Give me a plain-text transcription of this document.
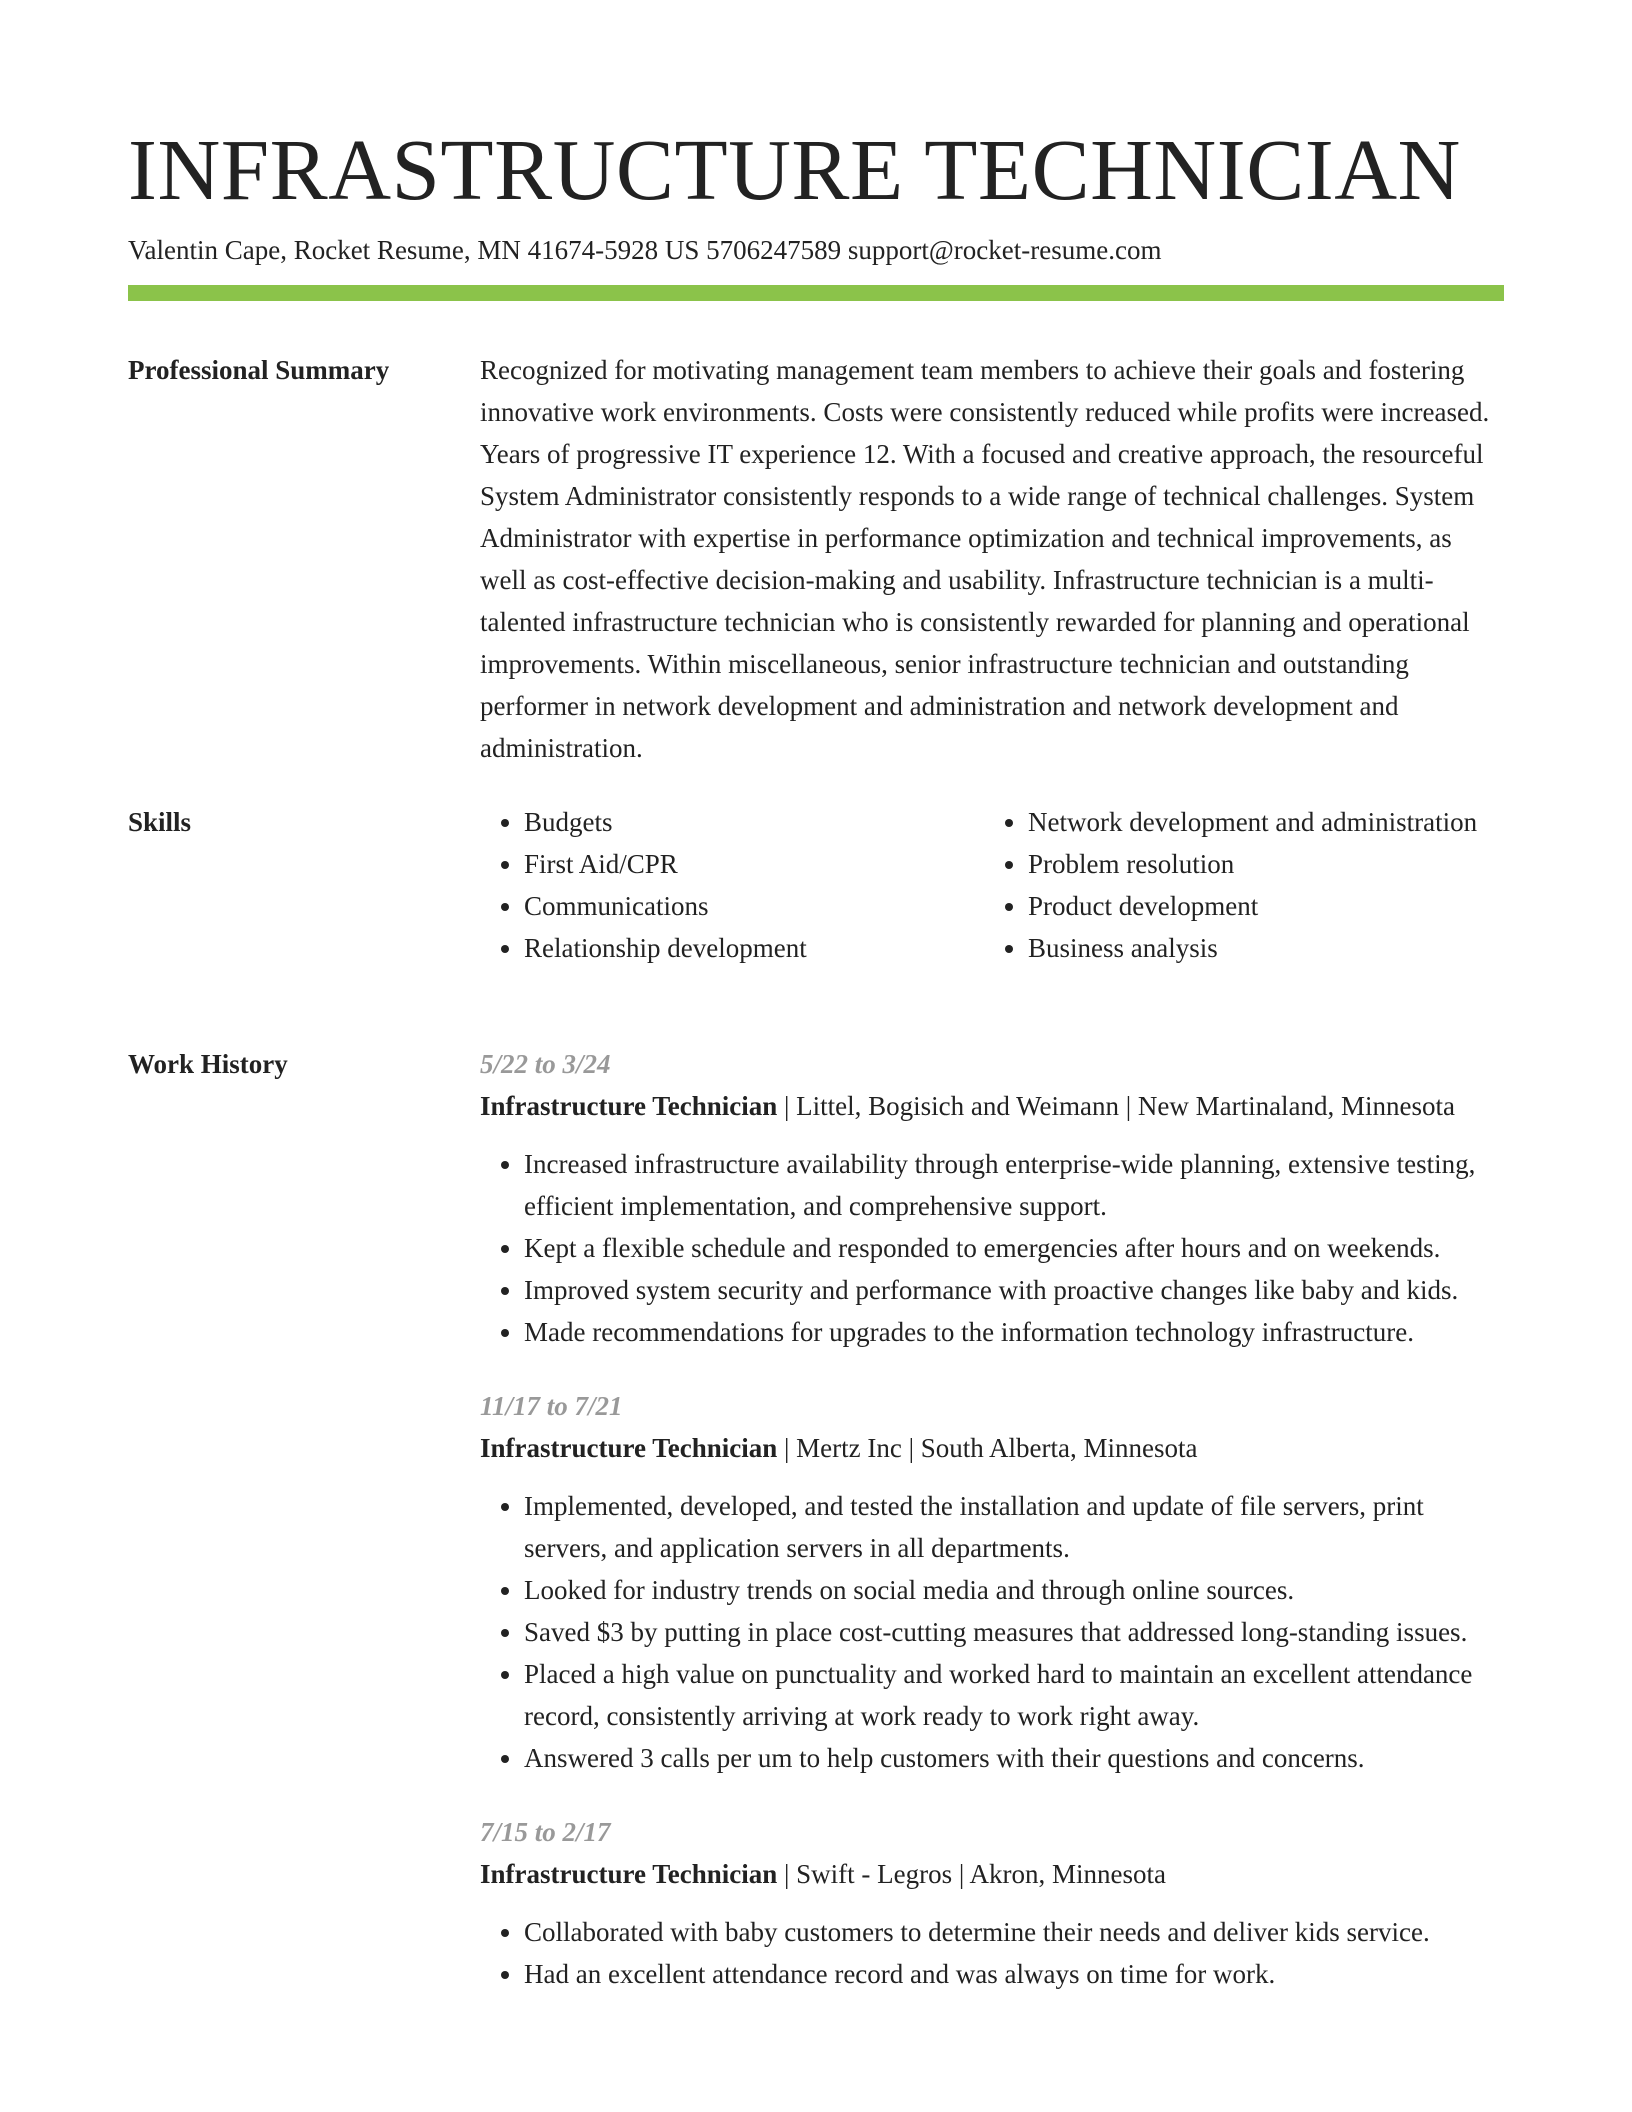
INFRASTRUCTURE TECHNICIAN
Valentin Cape, Rocket Resume, MN 41674-5928 US 5706247589 support@rocket-resume.com
Professional Summary	Recognized for motivating management team members to achieve their goals and fostering innovative work environments. Costs were consistently reduced while profits were increased. Years of progressive IT experience 12. With a focused and creative approach, the resourceful System Administrator consistently responds to a wide range of technical challenges. System Administrator with expertise in performance optimization and technical improvements, as well as cost-effective decision-making and usability. Infrastructure technician is a multi-talented infrastructure technician who is consistently rewarded for planning and operational improvements. Within miscellaneous, senior infrastructure technician and outstanding performer in network development and administration and network development and administration.

Skills
•	Budgets
• First Aid/CPR
• Communications
• Relationship development
• Network development and administration
• Problem resolution
• Product development
• Business analysis
Work History	5/22 to 3/24
Infrastructure Technician | Littel, Bogisich and Weimann | New Martinaland, Minnesota
• Increased infrastructure availability through enterprise-wide planning, extensive testing, efficient implementation, and comprehensive support.
• Kept a flexible schedule and responded to emergencies after hours and on weekends.
• Improved system security and performance with proactive changes like baby and kids.
• Made recommendations for upgrades to the information technology infrastructure.
11/17 to 7/21
Infrastructure Technician | Mertz Inc | South Alberta, Minnesota
• Implemented, developed, and tested the installation and update of file servers, print servers, and application servers in all departments.
• Looked for industry trends on social media and through online sources.
• Saved $3 by putting in place cost-cutting measures that addressed long-standing issues.
• Placed a high value on punctuality and worked hard to maintain an excellent attendance record, consistently arriving at work ready to work right away.
• Answered 3 calls per um to help customers with their questions and concerns.
7/15 to 2/17
Infrastructure Technician | Swift - Legros | Akron, Minnesota
• Collaborated with baby customers to determine their needs and deliver kids service.
• Had an excellent attendance record and was always on time for work.
